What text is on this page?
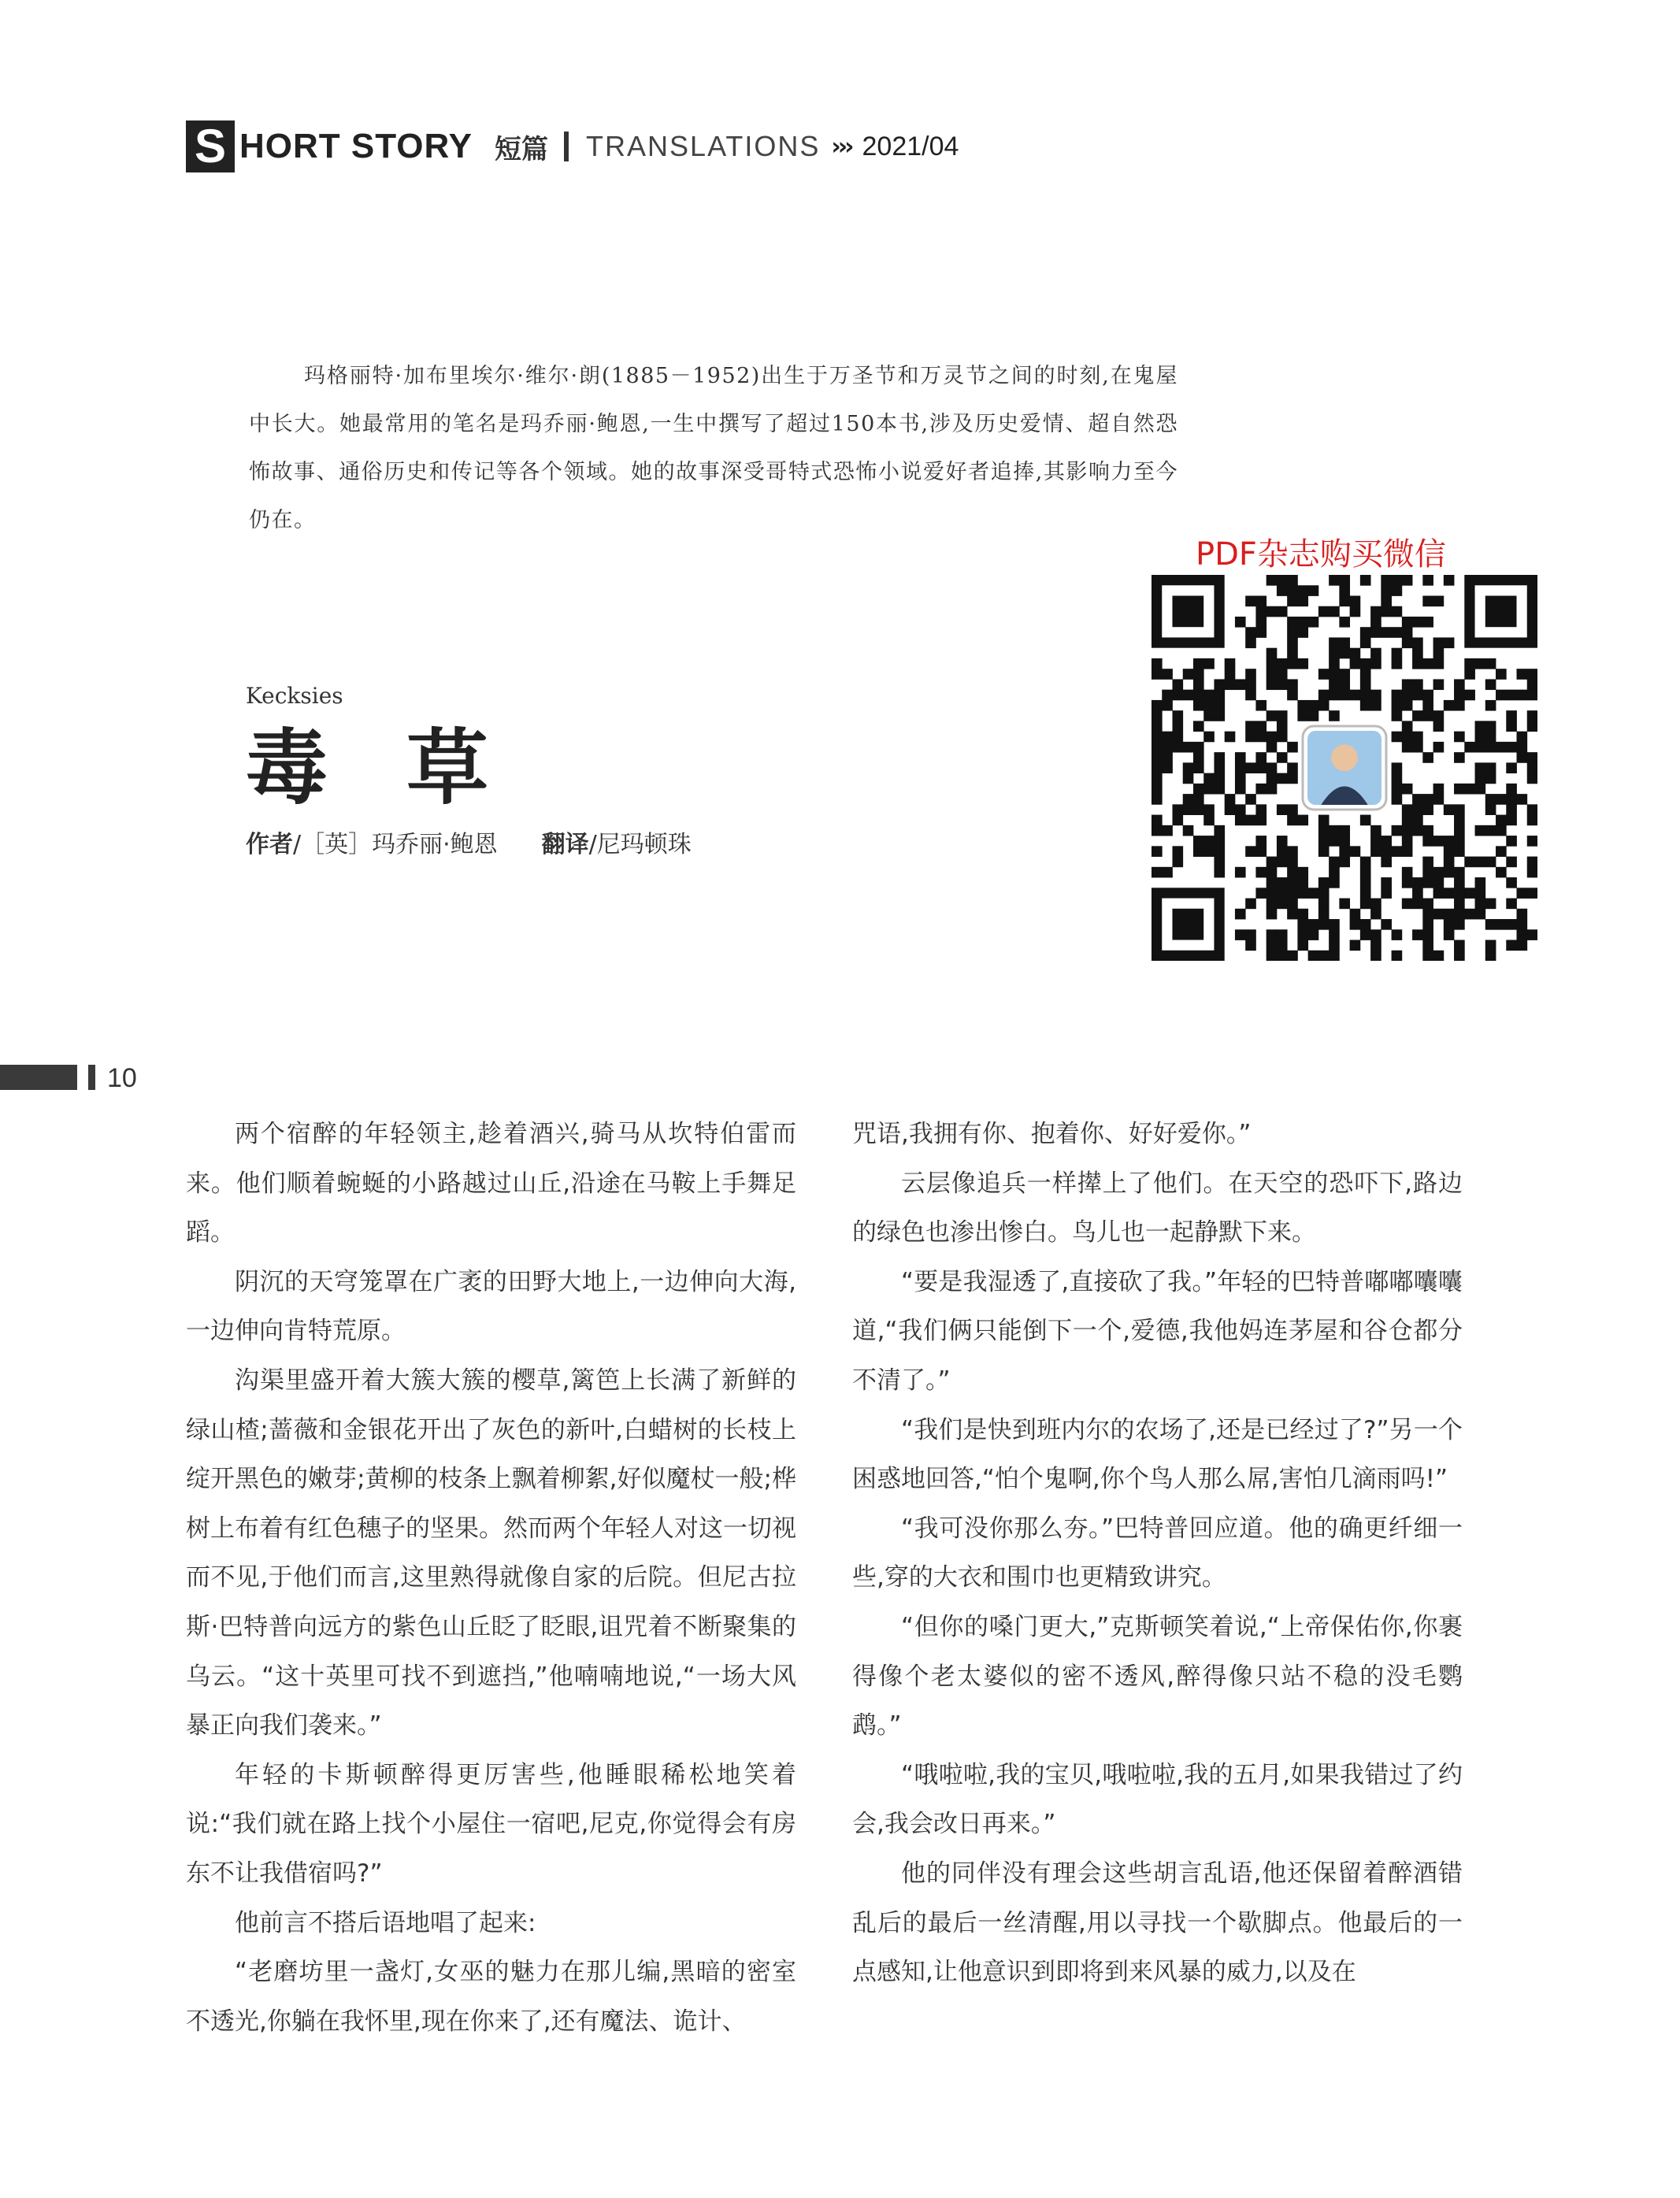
S HORT STORY 短篇 TRANSLATIONS ››› 2021/04

玛格丽特·加布里埃尔·维尔·朗(1885－1952)出生于万圣节和万灵节之间的时刻,在鬼屋中长大。她最常用的笔名是玛乔丽·鲍恩,一生中撰写了超过150本书,涉及历史爱情、超自然恐怖故事、通俗历史和传记等各个领域。她的故事深受哥特式恐怖小说爱好者追捧,其影响力至今仍在。

PDF杂志购买微信
Kecksies
毒草
作者/［英］玛乔丽·鲍恩 翻译/尼玛顿珠
10

两个宿醉的年轻领主,趁着酒兴,骑马从坎特伯雷而来。他们顺着蜿蜒的小路越过山丘,沿途在马鞍上手舞足蹈。

阴沉的天穹笼罩在广袤的田野大地上,一边伸向大海,一边伸向肯特荒原。

沟渠里盛开着大簇大簇的樱草,篱笆上长满了新鲜的绿山楂;蔷薇和金银花开出了灰色的新叶,白蜡树的长枝上绽开黑色的嫩芽;黄柳的枝条上飘着柳絮,好似魔杖一般;桦树上布着有红色穗子的坚果。然而两个年轻人对这一切视而不见,于他们而言,这里熟得就像自家的后院。但尼古拉斯·巴特普向远方的紫色山丘眨了眨眼,诅咒着不断聚集的乌云。“这十英里可找不到遮挡,”他喃喃地说,“一场大风暴正向我们袭来。”

年轻的卡斯顿醉得更厉害些,他睡眼稀松地笑着说:“我们就在路上找个小屋住一宿吧,尼克,你觉得会有房东不让我借宿吗?”

他前言不搭后语地唱了起来:

“老磨坊里一盏灯,女巫的魅力在那儿编,黑暗的密室不透光,你躺在我怀里,现在你来了,还有魔法、诡计、

咒语,我拥有你、抱着你、好好爱你。”

云层像追兵一样撵上了他们。在天空的恐吓下,路边的绿色也渗出惨白。鸟儿也一起静默下来。

“要是我湿透了,直接砍了我。”年轻的巴特普嘟嘟囔囔道,“我们俩只能倒下一个,爱德,我他妈连茅屋和谷仓都分不清了。”

“我们是快到班内尔的农场了,还是已经过了?”另一个困惑地回答,“怕个鬼啊,你个鸟人那么屌,害怕几滴雨吗!”

“我可没你那么夯。”巴特普回应道。他的确更纤细一些,穿的大衣和围巾也更精致讲究。

“但你的嗓门更大,”克斯顿笑着说,“上帝保佑你,你裹得像个老太婆似的密不透风,醉得像只站不稳的没毛鹦鹉。”

“哦啦啦,我的宝贝,哦啦啦,我的五月,如果我错过了约会,我会改日再来。”

他的同伴没有理会这些胡言乱语,他还保留着醉酒错乱后的最后一丝清醒,用以寻找一个歇脚点。他最后的一点感知,让他意识到即将到来风暴的威力,以及在
